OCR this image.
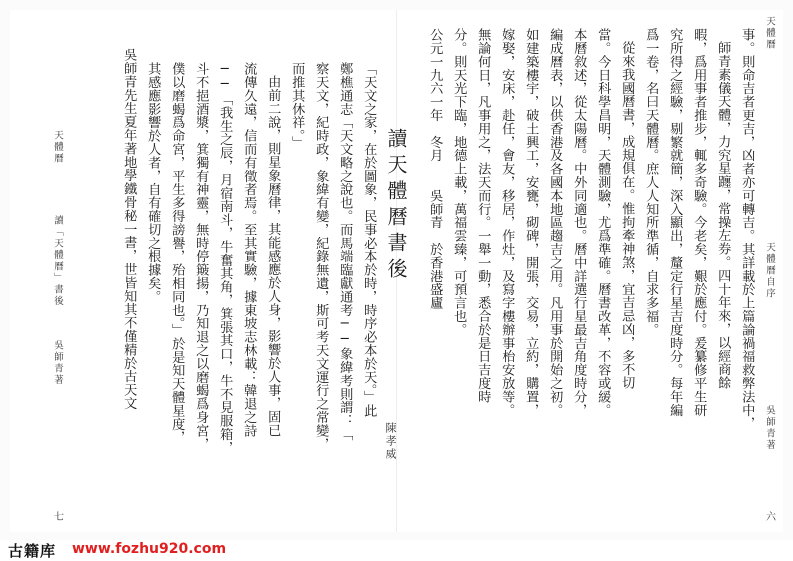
天體曆
天體曆自序
吳師青著
六
事。則命吉者更吉，凶者亦可轉吉。其詳載於上篇論禍福救弊法中，
師青素儀天體，力究星躔，常操左券。四十年來，以經商餘
暇，爲用事者推步，輒多奇驗。今老矣，艱於應付。爰纂修平生研
究所得之經驗，剔繁就簡，深入顯出，釐定行星吉度時分。每年編
爲一卷，名曰天體曆。庶人人知所準循，自求多福。
從來我國曆書，成規俱在。惟拘牽神煞，宜吉忌凶，多不切
當。今日科學昌明，天體測驗，尤爲準確。曆書改革，不容或緩。
本曆敘述，從太陽曆。中外同適也。曆中詳選行星最吉角度時分，
編成曆表，以供香港及各國本地區趨吉之用。凡用事於開始之初。
如建築樓宇，破土興工，安甕，砌碑，開張，交易，立約，購置，
嫁娶，安床，赴任，會友，移居，作灶，及寫字樓辦事枱安放等。
無論何日，凡事用之，法天而行。一舉一動，悉合於是日吉度時
分。則天光下臨，地德上載，萬福雲臻，可預言也。
公元一九六一年　冬月　　吳師青　於香港盛廬
「天文之家，在於圖象，民事必本於時，時序必本於天。」此
鄭樵通志「天文略之說也。而馬端臨獻通考──象緯考則謂：「
察天文，紀時政，象緯有變，紀錄無遺，斯可考天文運行之常變，
而推其休祥。」
由前二說，則星象曆律，其能感應於人身，影響於人事，固已
流傳久遠，信而有徵者焉。至其實驗，據東坡志林載：韓退之詩
──「我生之辰，月宿南斗，牛奮其角，箕張其口，牛不見服箱，
斗不挹酒漿，箕獨有神靈，無時停簸揚，乃知退之以磨蝎爲身宮，
僕以磨蝎爲命宮，平生多得謗譽，殆相同也。」於是知天體星度，
其感應影響於人者，自有確切之根據矣。
吳師青先生夏年著地學鐵骨秘一書，世皆知其不僅精於古天文	讀天體曆書後
陳孝威
天體曆
讀「天體曆」書後
吳師青著
七
古籍库 www.fozhu920.com
